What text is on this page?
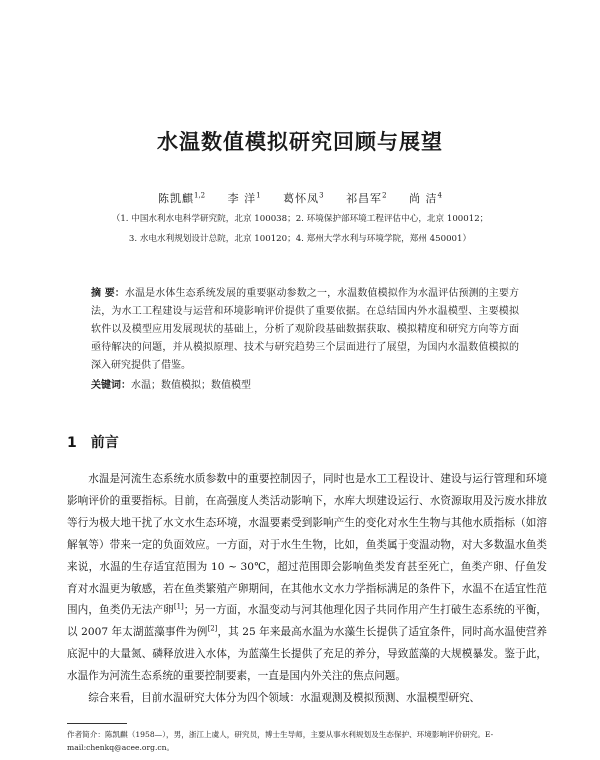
水温数值模拟研究回顾与展望
陈凯麒$^{1,2}$ 李 洋$^1$ 葛怀凤$^3$ 祁昌军$^2$ 尚 洁$^4$
（1. 中国水利水电科学研究院，北京 100038；2. 环境保护部环境工程评估中心，北京 100012；
3. 水电水利规划设计总院，北京 100120；4. 郑州大学水利与环境学院，郑州 450001）
摘 要：水温是水体生态系统发展的重要驱动参数之一，水温数值模拟作为水温评估预测的主要方法，为水工工程建设与运营和环境影响评价提供了重要依据。在总结国内外水温模型、主要模拟软件以及模型应用发展现状的基础上，分析了观阶段基础数据获取、模拟精度和研究方向等方面亟待解决的问题，并从模拟原理、技术与研究趋势三个层面进行了展望，为国内水温数值模拟的深入研究提供了借鉴。
关键词：水温；数值模拟；数值模型
1 前言

水温是河流生态系统水质参数中的重要控制因子，同时也是水工工程设计、建设与运行管理和环境影响评价的重要指标。目前，在高强度人类活动影响下，水库大坝建设运行、水资源取用及污废水排放等行为极大地干扰了水文水生态环境，水温要素受到影响产生的变化对水生生物与其他水质指标（如溶解氧等）带来一定的负面效应。一方面，对于水生生物，比如，鱼类属于变温动物，对大多数温水鱼类来说，水温的生存适宜范围为 10 ~ 30℃，超过范围即会影响鱼类发育甚至死亡，鱼类产卵、仔鱼发育对水温更为敏感，若在鱼类繁殖产卵期间，在其他水文水力学指标满足的条件下，水温不在适宜性范围内，鱼类仍无法产卵[1]；另一方面，水温变动与河其他理化因子共同作用产生打破生态系统的平衡，以 2007 年太湖蓝藻事件为例[2]，其 25 年来最高水温为水藻生长提供了适宜条件，同时高水温使营养底泥中的大量氮、磷释放进入水体，为蓝藻生长提供了充足的养分，导致蓝藻的大规模暴发。鉴于此，水温作为河流生态系统的重要控制要素，一直是国内外关注的焦点问题。

综合来看，目前水温研究大体分为四个领域：水温观测及模拟预测、水温模型研究、

作者简介：陈凯麒（1958—），男，浙江上虞人，研究员，博士生导师，主要从事水利规划及生态保护、环境影响评价研究。E-mail:chenkq@acee.org.cn。
